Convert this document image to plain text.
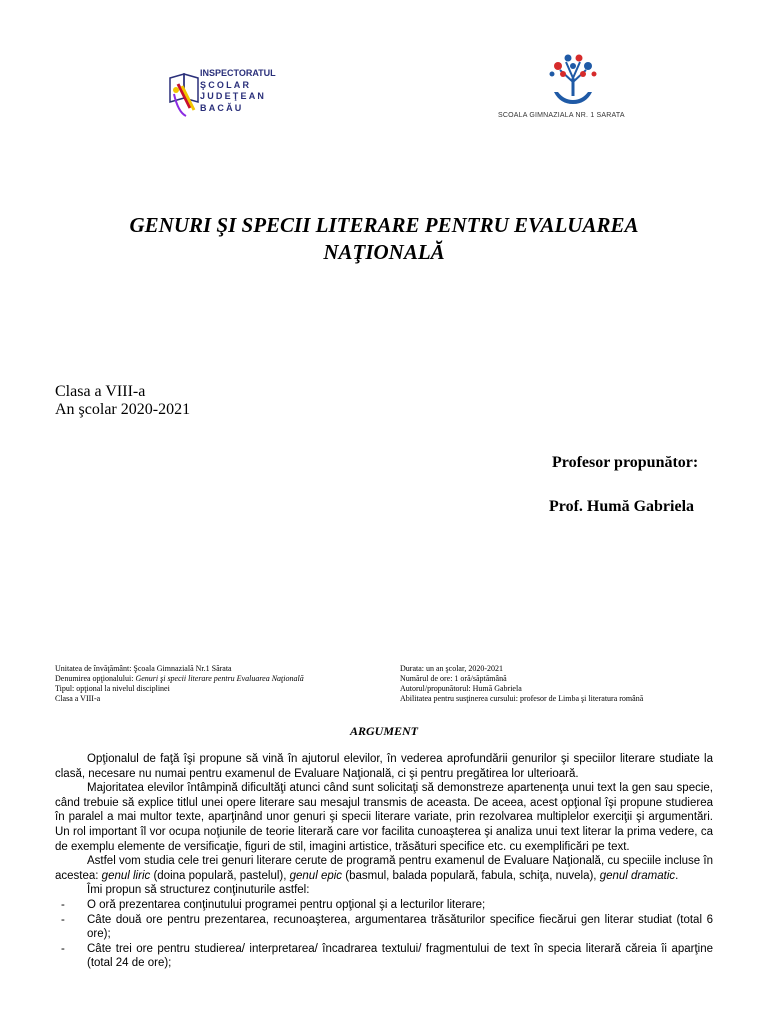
INSPECTORATUL
ŞCOLAR
JUDEŢEAN
BACĂU
SCOALA GIMNAZIALA NR. 1 SARATA
GENURI ŞI SPECII LITERARE PENTRU EVALUAREA NAŢIONALĂ
Clasa a VIII-a
An şcolar 2020-2021
Profesor propunător:
Prof. Humă Gabriela
Unitatea de învăţământ: Şcoala Gimnazială Nr.1 Sărata
Denumirea opţionalului: Genuri şi specii literare pentru Evaluarea Naţională
Tipul: opţional la nivelul disciplinei
Clasa a VIII-a
Durata: un an şcolar, 2020-2021
Numărul de ore: 1 oră/săptămână
Autorul/propunătorul: Humă Gabriela
Abilitatea pentru susţinerea cursului: profesor de Limba şi literatura română
ARGUMENT

Opţionalul de faţă îşi propune să vină în ajutorul elevilor, în vederea aprofundării genurilor şi speciilor literare studiate la clasă, necesare nu numai pentru examenul de Evaluare Naţională, ci şi pentru pregătirea lor ulterioară.

Majoritatea elevilor întâmpină dificultăţi atunci când sunt solicitaţi să demonstreze apartenenţa unui text la gen sau specie, când trebuie să explice titlul unei opere literare sau mesajul transmis de aceasta. De aceea, acest opţional îşi propune studierea în paralel a mai multor texte, aparţinând unor genuri şi specii literare variate, prin rezolvarea multiplelor exerciţii şi argumentări. Un rol important îl vor ocupa noţiunile de teorie literară care vor facilita cunoaşterea şi analiza unui text literar la prima vedere, ca de exemplu elemente de versificaţie, figuri de stil, imagini artistice, trăsături specifice etc. cu exemplificări pe text.

Astfel vom studia cele trei genuri literare cerute de programă pentru examenul de Evaluare Naţională, cu speciile incluse în acestea: genul liric (doina populară, pastelul), genul epic (basmul, balada populară, fabula, schiţa, nuvela), genul dramatic.

Îmi propun să structurez conţinuturile astfel:

- O oră prezentarea conţinutului programei pentru opţional şi a lecturilor literare;
- Câte două ore pentru prezentarea, recunoaşterea, argumentarea trăsăturilor specifice fiecărui gen literar studiat (total 6 ore);
- Câte trei ore pentru studierea/ interpretarea/ încadrarea textului/ fragmentului de text în specia literară căreia îi aparţine (total 24 de ore);
